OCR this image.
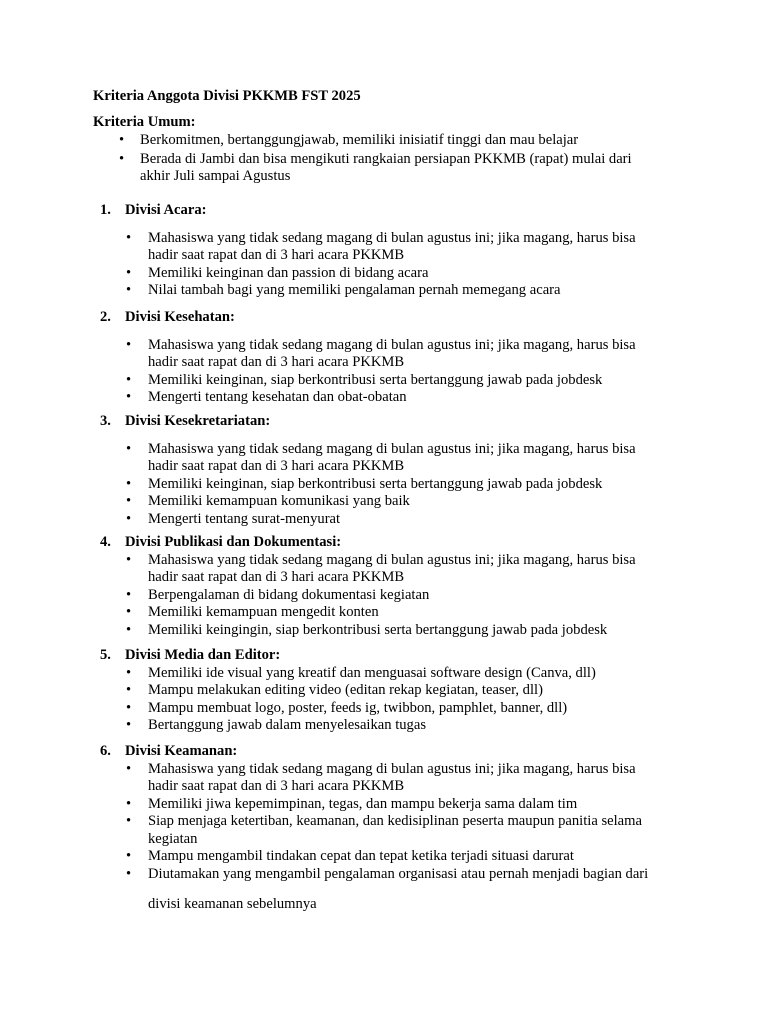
Kriteria Anggota Divisi PKKMB FST 2025
Kriteria Umum:
• Berkomitmen, bertanggungjawab, memiliki inisiatif tinggi dan mau belajar
• Berada di Jambi dan bisa mengikuti rangkaian persiapan PKKMB (rapat) mulai dari akhir Juli sampai Agustus
1. Divisi Acara:
• Mahasiswa yang tidak sedang magang di bulan agustus ini; jika magang, harus bisa hadir saat rapat dan di 3 hari acara PKKMB
• Memiliki keinginan dan passion di bidang acara
• Nilai tambah bagi yang memiliki pengalaman pernah memegang acara
2. Divisi Kesehatan:
• Mahasiswa yang tidak sedang magang di bulan agustus ini; jika magang, harus bisa hadir saat rapat dan di 3 hari acara PKKMB
• Memiliki keinginan, siap berkontribusi serta bertanggung jawab pada jobdesk
• Mengerti tentang kesehatan dan obat-obatan
3. Divisi Kesekretariatan:
• Mahasiswa yang tidak sedang magang di bulan agustus ini; jika magang, harus bisa hadir saat rapat dan di 3 hari acara PKKMB
• Memiliki keinginan, siap berkontribusi serta bertanggung jawab pada jobdesk
• Memiliki kemampuan komunikasi yang baik
• Mengerti tentang surat-menyurat
4. Divisi Publikasi dan Dokumentasi:
• Mahasiswa yang tidak sedang magang di bulan agustus ini; jika magang, harus bisa hadir saat rapat dan di 3 hari acara PKKMB
• Berpengalaman di bidang dokumentasi kegiatan
• Memiliki kemampuan mengedit konten
• Memiliki keingingin, siap berkontribusi serta bertanggung jawab pada jobdesk
5. Divisi Media dan Editor:
• Memiliki ide visual yang kreatif dan menguasai software design (Canva, dll)
• Mampu melakukan editing video (editan rekap kegiatan, teaser, dll)
• Mampu membuat logo, poster, feeds ig, twibbon, pamphlet, banner, dll)
• Bertanggung jawab dalam menyelesaikan tugas
6. Divisi Keamanan:
• Mahasiswa yang tidak sedang magang di bulan agustus ini; jika magang, harus bisa hadir saat rapat dan di 3 hari acara PKKMB
• Memiliki jiwa kepemimpinan, tegas, dan mampu bekerja sama dalam tim
• Siap menjaga ketertiban, keamanan, dan kedisiplinan peserta maupun panitia selama kegiatan
• Mampu mengambil tindakan cepat dan tepat ketika terjadi situasi darurat
• Diutamakan yang mengambil pengalaman organisasi atau pernah menjadi bagian dari
divisi keamanan sebelumnya
